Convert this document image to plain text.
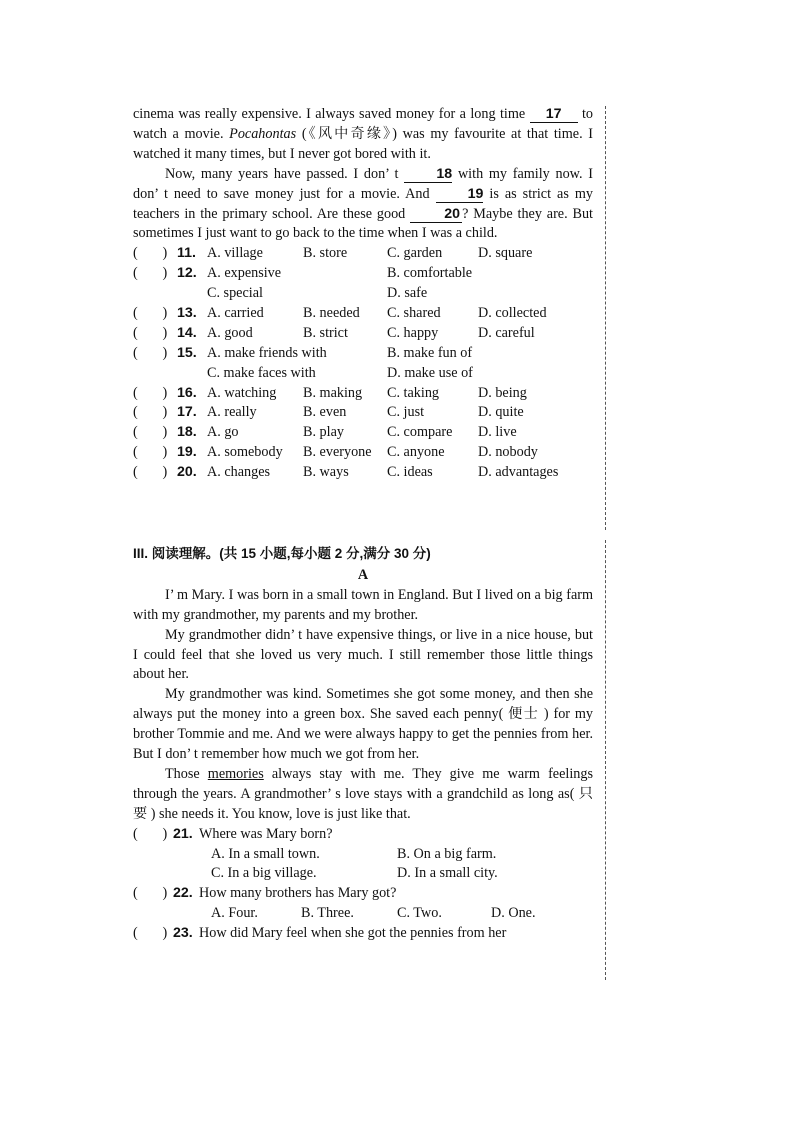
cinema was really expensive. I always saved money for a long time 17 to watch a movie. Pocahontas (《风中奇缘》) was my favourite at that time. I watched it many times, but I never got bored with it.
Now, many years have passed. I don’ t 18 with my family now. I don’ t need to save money just for a movie. And 19 is as strict as my teachers in the primary school. Are these good 20 ? Maybe they are. But sometimes I just want to go back to the time when I was a child.
(       ) 11. A. village	B. store	C. garden	D. square
(       ) 12. A. expensive	B. comfortable
C. special	D. safe
(       ) 13. A. carried	B. needed C. shared	D. collected
(       ) 14. A. good	B. strict	C. happy	D. careful
(       ) 15. A. make friends with	B. make fun of
C. make faces with	D. make use of
(       ) 16. A. watching B. making C. taking	D. being
(       ) 17. A. really	B. even	C. just	D. quite
(       ) 18. A. go	B. play	C. compare D. live
(       ) 19. A. somebody B. everyone C. anyone D. nobody
(       ) 20. A. changes B. ways	C. ideas	D. advantages
III. 阅读理解。(共 15 小题,每小题 2 分,满分 30 分)
A
I’ m Mary. I was born in a small town in England. But I lived on a big farm with my grandmother, my parents and my brother.
My grandmother didn’ t have expensive things, or live in a nice house, but I could feel that she loved us very much. I still remember those little things about her.
My grandmother was kind. Sometimes she got some money, and then she always put the money into a green box. She saved each penny( 便士 ) for my brother Tommie and me. And we were always happy to get the pennies from her. But I don’ t remember how much we got from her.
Those memories always stay with me. They give me warm feelings through the years. A grandmother’ s love stays with a grandchild as long as( 只要 ) she needs it. You know, love is just like that.
(       ) 21. Where was Mary born?
A. In a small town.	B. On a big farm.
C. In a big village.	D. In a small city.
(       ) 22. How many brothers has Mary got?
A. Four.	B. Three.	C. Two.	D. One.
(       ) 23. How did Mary feel when she got the pennies from her
